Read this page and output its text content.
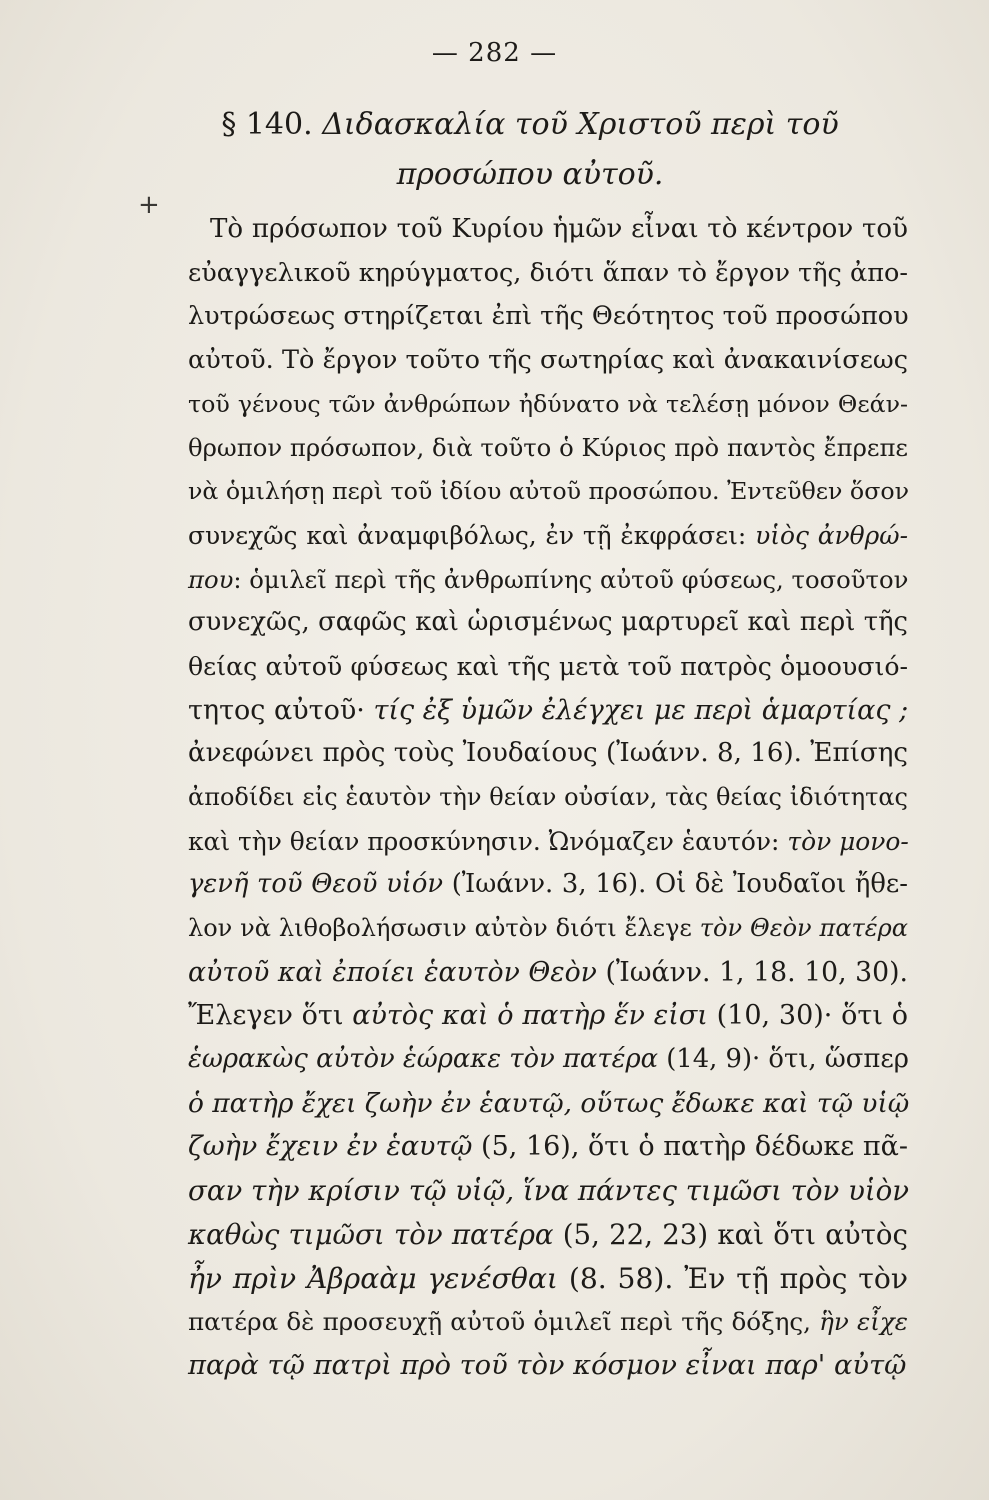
— 282 —
+
§ 140. Διδασκαλία τοῦ Χριστοῦ περὶ τοῦ
προσώπου αὐτοῦ.
Τὸ πρόσωπον τοῦ Κυρίου ἡμῶν εἶναι τὸ κέντρον τοῦ
εὐαγγελικοῦ κηρύγματος, διότι ἅπαν τὸ ἔργον τῆς ἀπο-
λυτρώσεως στηρίζεται ἐπὶ τῆς Θεότητος τοῦ προσώπου
αὐτοῦ. Τὸ ἔργον τοῦτο τῆς σωτηρίας καὶ ἀνακαινίσεως
τοῦ γένους τῶν ἀνθρώπων ἠδύνατο νὰ τελέσῃ μόνον Θεάν-
θρωπον πρόσωπον, διὰ τοῦτο ὁ Κύριος πρὸ παντὸς ἔπρεπε
νὰ ὁμιλήσῃ περὶ τοῦ ἰδίου αὐτοῦ προσώπου. Ἐντεῦθεν ὅσον
συνεχῶς καὶ ἀναμφιβόλως, ἐν τῇ ἐκφράσει: υἱὸς ἀνθρώ-
που: ὁμιλεῖ περὶ τῆς ἀνθρωπίνης αὐτοῦ φύσεως, τοσοῦτον
συνεχῶς, σαφῶς καὶ ὡρισμένως μαρτυρεῖ καὶ περὶ τῆς
θείας αὐτοῦ φύσεως καὶ τῆς μετὰ τοῦ πατρὸς ὁμοουσιό-
τητος αὐτοῦ· τίς ἐξ ὑμῶν ἐλέγχει με περὶ ἁμαρτίας ;
ἀνεφώνει πρὸς τοὺς Ἰουδαίους (Ἰωάνν. 8, 16). Ἐπίσης
ἀποδίδει εἰς ἑαυτὸν τὴν θείαν οὐσίαν, τὰς θείας ἰδιότητας
καὶ τὴν θείαν προσκύνησιν. Ὠνόμαζεν ἑαυτόν: τὸν μονο-
γενῆ τοῦ Θεοῦ υἱόν (Ἰωάνν. 3, 16). Οἱ δὲ Ἰουδαῖοι ἤθε-
λον νὰ λιθοβολήσωσιν αὐτὸν διότι ἔλεγε τὸν Θεὸν πατέρα
αὐτοῦ καὶ ἐποίει ἑαυτὸν Θεὸν (Ἰωάνν. 1, 18. 10, 30).
Ἔλεγεν ὅτι αὐτὸς καὶ ὁ πατὴρ ἕν εἰσι (10, 30)· ὅτι ὁ
ἑωρακὼς αὐτὸν ἑώρακε τὸν πατέρα (14, 9)· ὅτι, ὥσπερ
ὁ πατὴρ ἔχει ζωὴν ἐν ἑαυτῷ, οὕτως ἔδωκε καὶ τῷ υἱῷ
ζωὴν ἔχειν ἐν ἑαυτῷ (5, 16), ὅτι ὁ πατὴρ δέδωκε πᾶ-
σαν τὴν κρίσιν τῷ υἱῷ, ἵνα πάντες τιμῶσι τὸν υἱὸν
καθὼς τιμῶσι τὸν πατέρα (5, 22, 23) καὶ ὅτι αὐτὸς
ἦν πρὶν Ἀβραὰμ γενέσθαι (8. 58). Ἐν τῇ πρὸς τὸν
πατέρα δὲ προσευχῇ αὐτοῦ ὁμιλεῖ περὶ τῆς δόξης, ἣν εἶχε
παρὰ τῷ πατρὶ πρὸ τοῦ τὸν κόσμον εἶναι παρ' αὐτῷ
